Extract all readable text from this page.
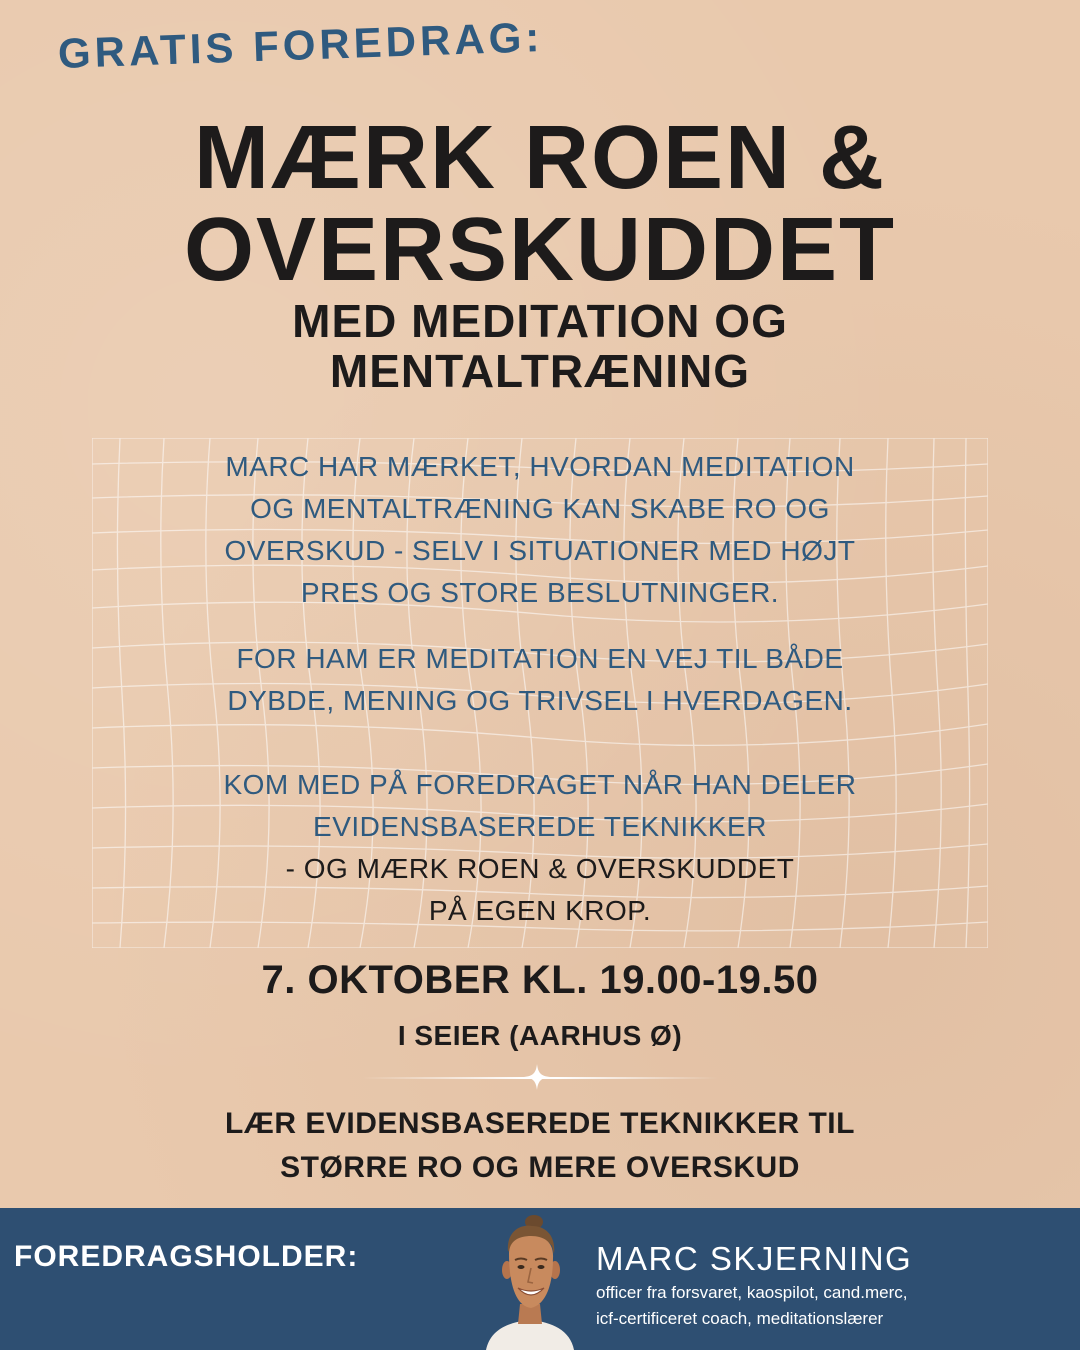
GRATIS FOREDRAG:
MÆRK ROEN &
OVERSKUDDET
MED MEDITATION OG
MENTALTRÆNING
MARC HAR MÆRKET, HVORDAN MEDITATION
OG MENTALTRÆNING KAN SKABE RO OG
OVERSKUD - SELV I SITUATIONER MED HØJT
PRES OG STORE BESLUTNINGER.
FOR HAM ER MEDITATION EN VEJ TIL BÅDE
DYBDE, MENING OG TRIVSEL I HVERDAGEN.
KOM MED PÅ FOREDRAGET NÅR HAN DELER
EVIDENSBASEREDE TEKNIKKER
- OG MÆRK ROEN & OVERSKUDDET
PÅ EGEN KROP.
7. OKTOBER KL. 19.00-19.50
I SEIER (AARHUS Ø)
LÆR EVIDENSBASEREDE TEKNIKKER TIL
STØRRE RO OG MERE OVERSKUD
FOREDRAGSHOLDER:	MARC SKJERNING
officer fra forsvaret, kaospilot, cand.merc,
icf-certificeret coach, meditationslærer
